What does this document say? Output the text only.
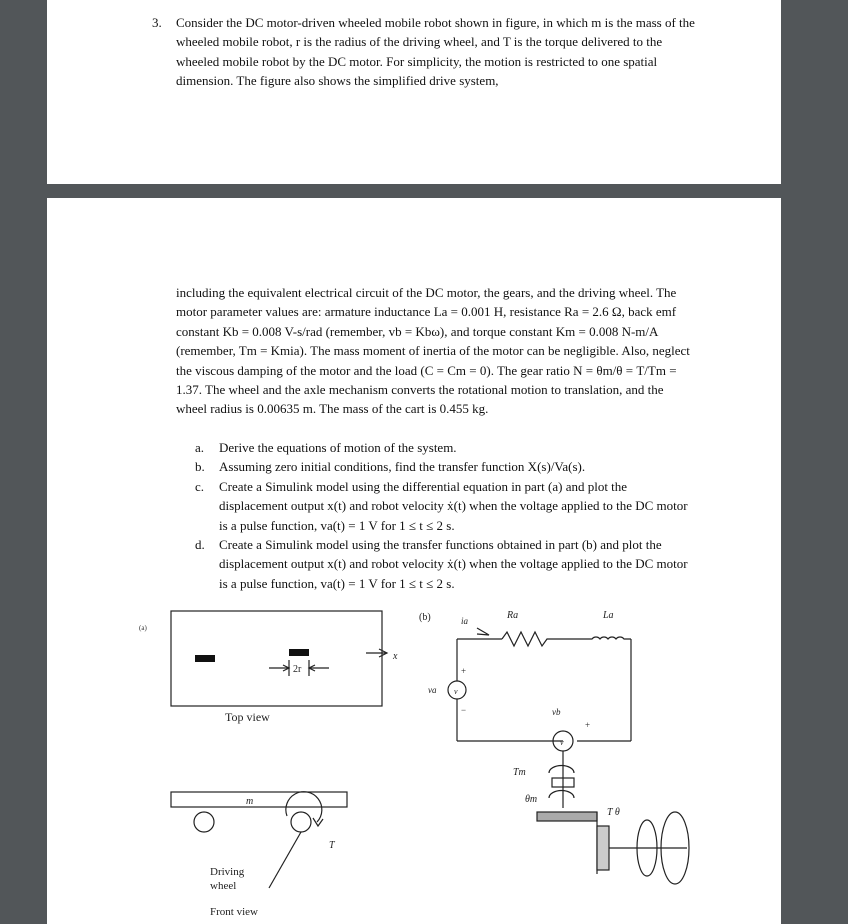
3. Consider the DC motor-driven wheeled mobile robot shown in figure, in which m is the mass of the wheeled mobile robot, r is the radius of the driving wheel, and T is the torque delivered to the wheeled mobile robot by the DC motor. For simplicity, the motion is restricted to one spatial dimension. The figure also shows the simplified drive system,
including the equivalent electrical circuit of the DC motor, the gears, and the driving wheel. The motor parameter values are: armature inductance La = 0.001 H, resistance Ra = 2.6 Ω, back emf constant Kb = 0.008 V-s/rad (remember, vb = Kbω), and torque constant Km = 0.008 N-m/A (remember, Tm = Kmia). The mass moment of inertia of the motor can be negligible. Also, neglect the viscous damping of the motor and the load (C = Cm = 0). The gear ratio N = θm/θ = T/Tm = 1.37. The wheel and the axle mechanism converts the rotational motion to translation, and the wheel radius is 0.00635 m. The mass of the cart is 0.455 kg.
a. Derive the equations of motion of the system.
b. Assuming zero initial conditions, find the transfer function X(s)/Va(s).
c. Create a Simulink model using the differential equation in part (a) and plot the displacement output x(t) and robot velocity ẋ(t) when the voltage applied to the DC motor is a pulse function, va(t) = 1 V for 1 ≤ t ≤ 2 s.
d. Create a Simulink model using the transfer functions obtained in part (b) and plot the displacement output x(t) and robot velocity ẋ(t) when the voltage applied to the DC motor is a pulse function, va(t) = 1 V for 1 ≤ t ≤ 2 s.
(a)
2r
x
Top view
m
T
Driving
wheel
Front view
(b)	ia	Ra	La
v
va
+
−
v
vb
+
Tm
θm
T θ
